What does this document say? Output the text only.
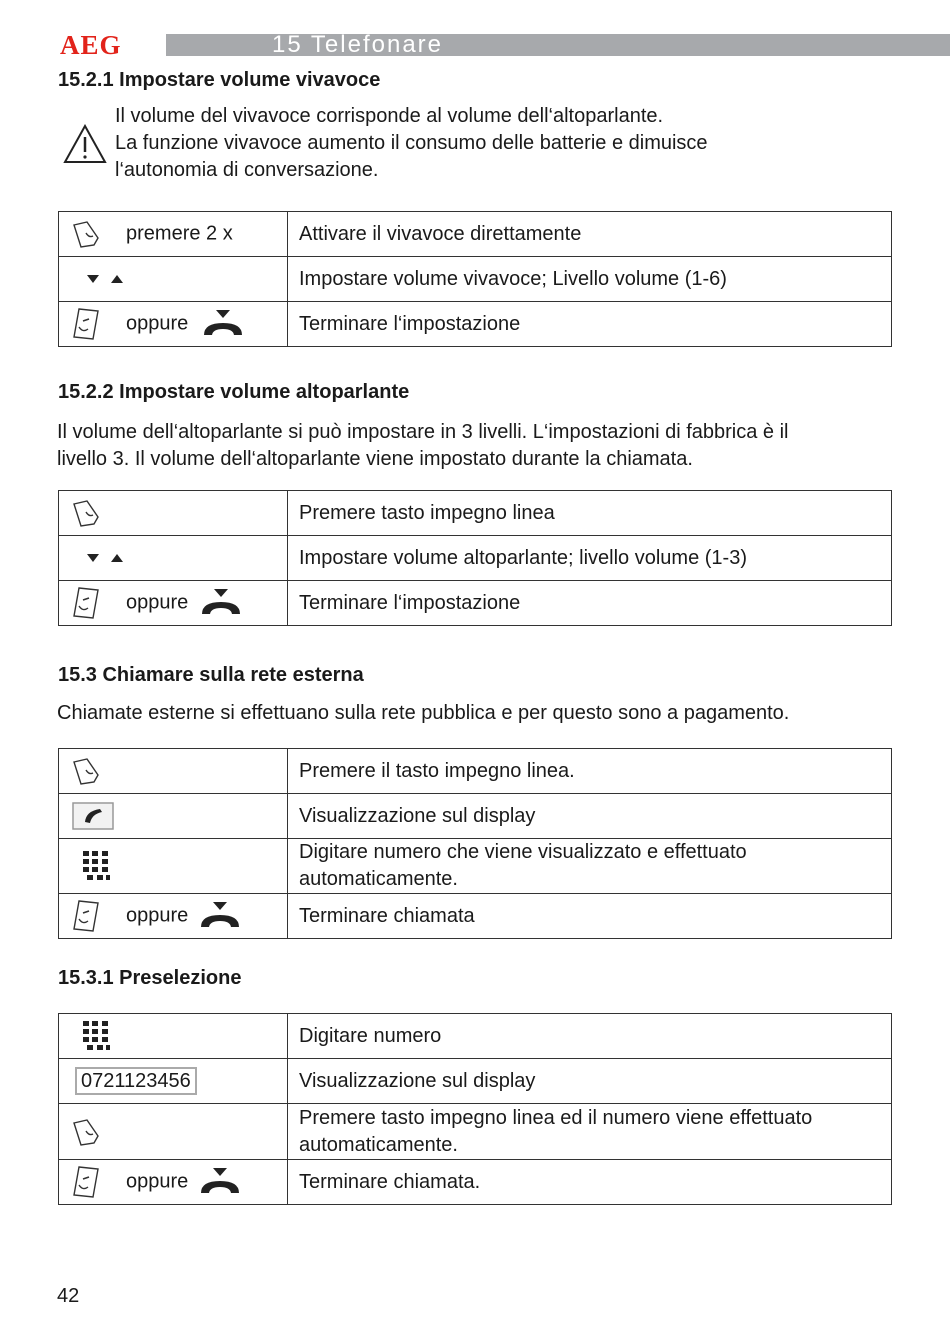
AEG	15 Telefonare
15.2.1 Impostare volume vivavoce
Il volume del vivavoce corrisponde al volume dell‘altoparlante.
La funzione vivavoce aumento il consumo delle batterie e dimuisce
l‘autonomia di conversazione.
premere 2 x	Attivare il vivavoce direttamente

	Impostare volume vivavoce; Livello volume (1-6)

oppure	Terminare l‘impostazione
15.2.2 Impostare volume altoparlante
Il volume dell‘altoparlante si può impostare in 3 livelli. L‘impostazioni di fabbrica è il
livello 3. Il volume dell‘altoparlante viene impostato durante la chiamata.
	Premere tasto impegno linea

	Impostare volume altoparlante; livello volume (1-3)

oppure	Terminare l‘impostazione
15.3 Chiamare sulla rete esterna
Chiamate esterne si effettuano sulla rete pubblica e per questo sono a pagamento.
	Premere il tasto impegno linea.

	Visualizzazione sul display

Digitare numero che viene visualizzato e effettuato
automaticamente.

oppure	Terminare chiamata
15.3.1 Preselezione
	Digitare numero

0721123456	Visualizzazione sul display

Premere tasto impegno linea ed il numero viene effettuato
automaticamente.

oppure	Terminare chiamata.
42
